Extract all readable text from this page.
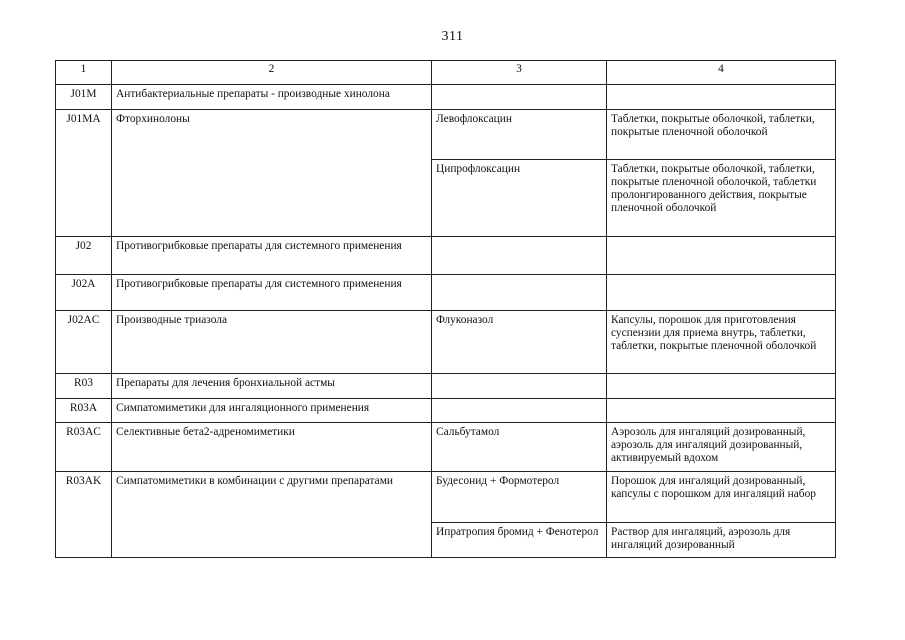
311
1	2	3	4
J01M	Антибактериальные препараты - производные хинолона		
J01MA	Фторхинолоны	Левофлоксацин	Таблетки, покрытые оболочкой, таблетки, покрытые пленочной оболочкой
		Ципрофлоксацин	Таблетки, покрытые оболочкой, таблетки, покрытые пленочной оболочкой, таблетки пролонгированного действия, покрытые пленочной оболочкой
J02	Противогрибковые препараты для системного применения		
J02A	Противогрибковые препараты для системного применения		
J02AC	Производные триазола	Флуконазол	Капсулы, порошок для приготовления суспензии для приема внутрь, таблетки, таблетки, покрытые пленочной оболочкой
R03	Препараты для лечения бронхиальной астмы		
R03A	Симпатомиметики для ингаляционного применения		
R03AC	Селективные бета2-адреномиметики	Сальбутамол	Аэрозоль для ингаляций дозированный, аэрозоль для ингаляций дозированный, активируемый вдохом
R03AK	Симпатомиметики в комбинации с другими препаратами	Будесонид + Формотерол	Порошок для ингаляций дозированный, капсулы с порошком для ингаляций набор
		Ипратропия бромид + Фенотерол	Раствор для ингаляций, аэрозоль для ингаляций дозированный
